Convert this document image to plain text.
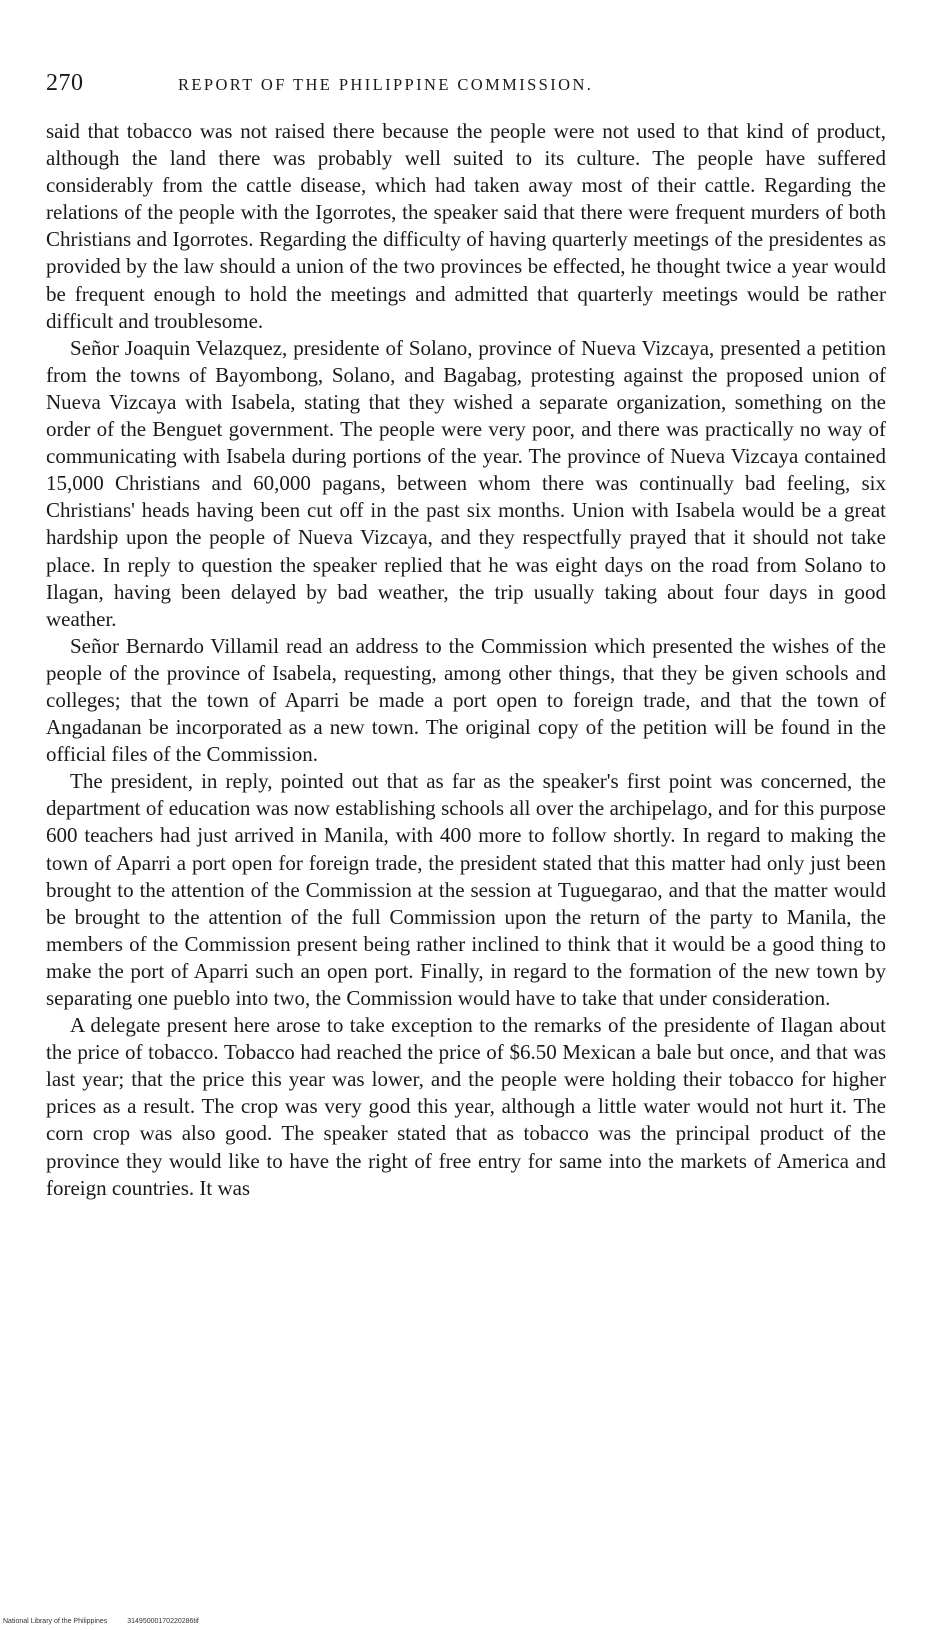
270	REPORT OF THE PHILIPPINE COMMISSION.

said that tobacco was not raised there because the people were not used to that kind of product, although the land there was probably well suited to its culture. The people have suffered considerably from the cattle disease, which had taken away most of their cattle. Regarding the relations of the people with the Igorrotes, the speaker said that there were frequent murders of both Christians and Igorrotes. Regarding the difficulty of having quarterly meetings of the presidentes as provided by the law should a union of the two provinces be effected, he thought twice a year would be frequent enough to hold the meetings and admitted that quarterly meetings would be rather difficult and troublesome.

Señor Joaquin Velazquez, presidente of Solano, province of Nueva Vizcaya, presented a petition from the towns of Bayombong, Solano, and Bagabag, protesting against the proposed union of Nueva Vizcaya with Isabela, stating that they wished a separate organization, something on the order of the Benguet government. The people were very poor, and there was practically no way of communicating with Isabela during portions of the year. The province of Nueva Vizcaya contained 15,000 Christians and 60,000 pagans, between whom there was continually bad feeling, six Christians' heads having been cut off in the past six months. Union with Isabela would be a great hardship upon the people of Nueva Vizcaya, and they respectfully prayed that it should not take place. In reply to question the speaker replied that he was eight days on the road from Solano to Ilagan, having been delayed by bad weather, the trip usually taking about four days in good weather.

Señor Bernardo Villamil read an address to the Commission which presented the wishes of the people of the province of Isabela, requesting, among other things, that they be given schools and colleges; that the town of Aparri be made a port open to foreign trade, and that the town of Angadanan be incorporated as a new town. The original copy of the petition will be found in the official files of the Commission.

The president, in reply, pointed out that as far as the speaker's first point was concerned, the department of education was now establishing schools all over the archipelago, and for this purpose 600 teachers had just arrived in Manila, with 400 more to follow shortly. In regard to making the town of Aparri a port open for foreign trade, the president stated that this matter had only just been brought to the attention of the Commission at the session at Tuguegarao, and that the matter would be brought to the attention of the full Commission upon the return of the party to Manila, the members of the Commission present being rather inclined to think that it would be a good thing to make the port of Aparri such an open port. Finally, in regard to the formation of the new town by separating one pueblo into two, the Commission would have to take that under consideration.

A delegate present here arose to take exception to the remarks of the presidente of Ilagan about the price of tobacco. Tobacco had reached the price of $6.50 Mexican a bale but once, and that was last year; that the price this year was lower, and the people were holding their tobacco for higher prices as a result. The crop was very good this year, although a little water would not hurt it. The corn crop was also good. The speaker stated that as tobacco was the principal product of the province they would like to have the right of free entry for same into the markets of America and foreign countries. It was

National Library of the Philippines	31495000170220286tif
